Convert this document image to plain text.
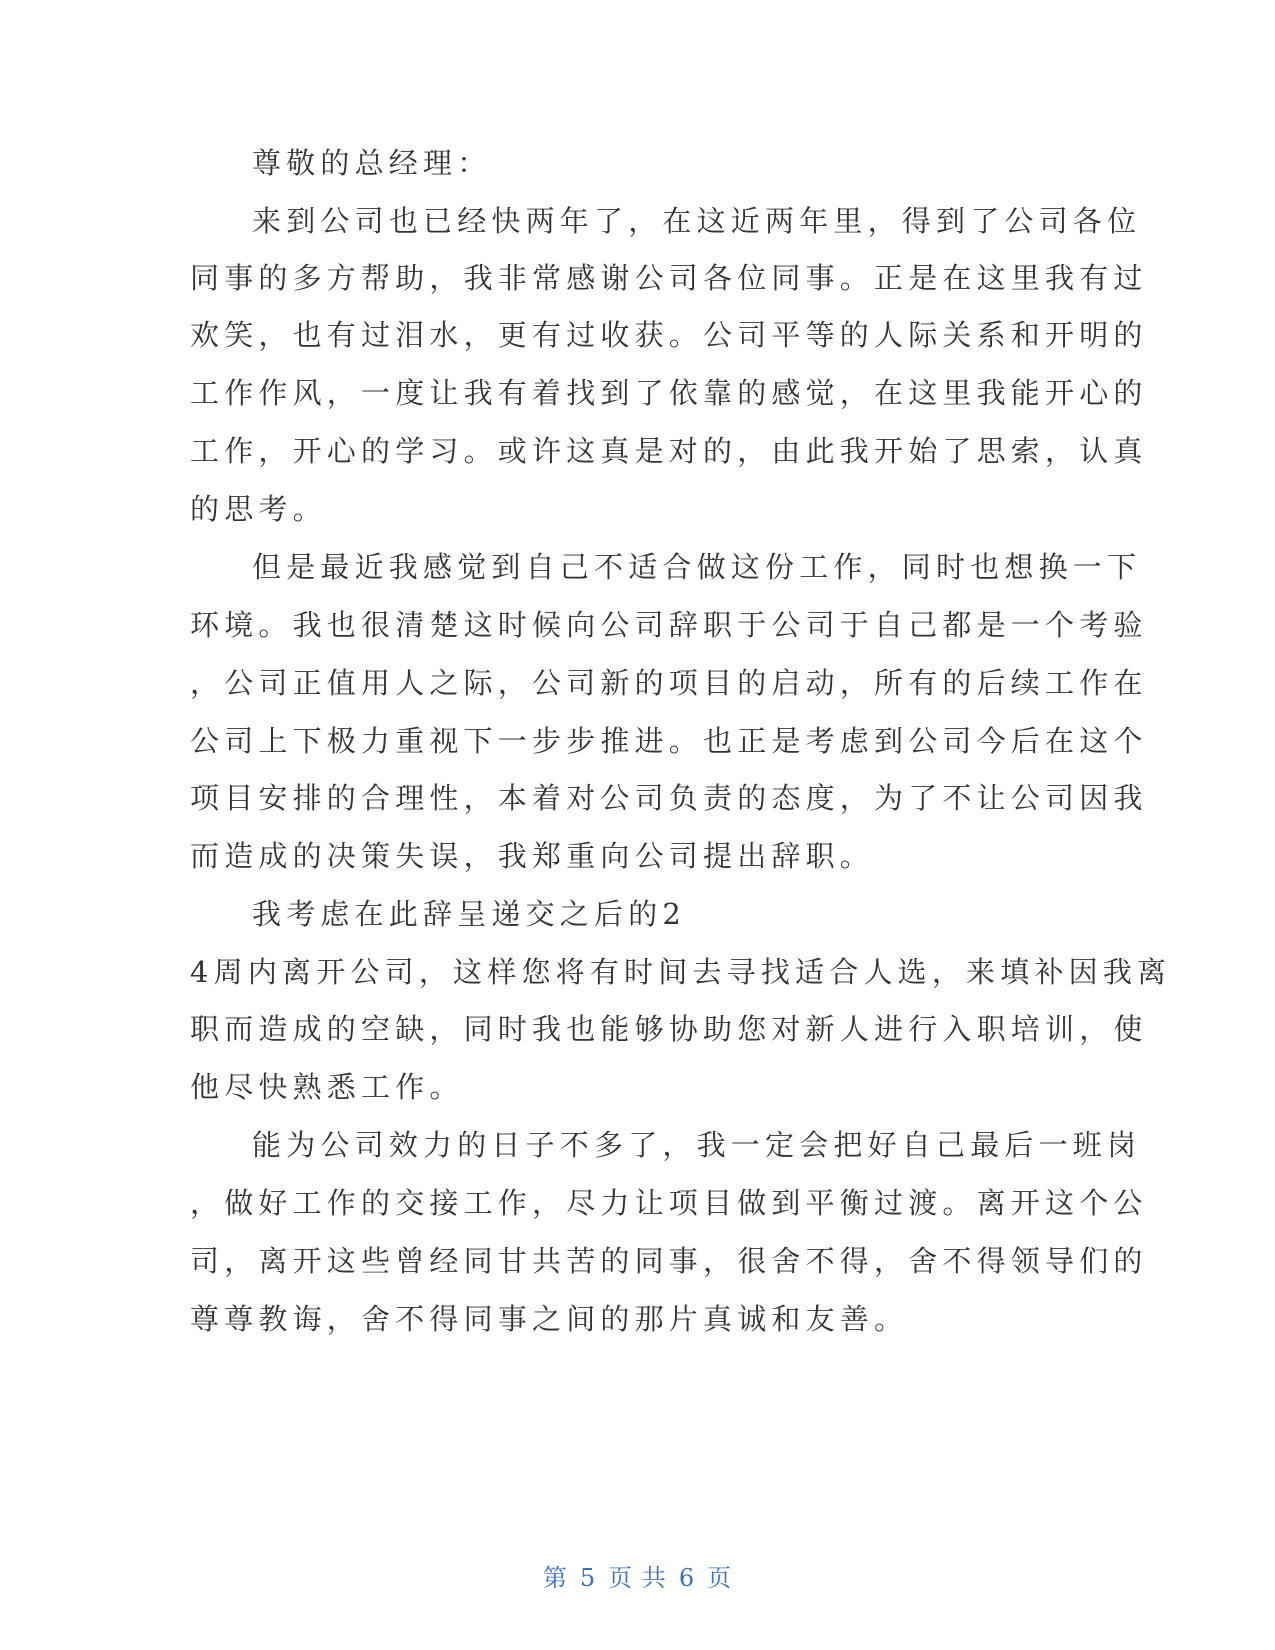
尊敬的总经理：
来到公司也已经快两年了，在这近两年里，得到了公司各位
同事的多方帮助，我非常感谢公司各位同事。正是在这里我有过
欢笑，也有过泪水，更有过收获。公司平等的人际关系和开明的
工作作风，一度让我有着找到了依靠的感觉，在这里我能开心的
工作，开心的学习。或许这真是对的，由此我开始了思索，认真
的思考。
但是最近我感觉到自己不适合做这份工作，同时也想换一下
环境。我也很清楚这时候向公司辞职于公司于自己都是一个考验
，公司正值用人之际，公司新的项目的启动，所有的后续工作在
公司上下极力重视下一步步推进。也正是考虑到公司今后在这个
项目安排的合理性，本着对公司负责的态度，为了不让公司因我
而造成的决策失误，我郑重向公司提出辞职。
我考虑在此辞呈递交之后的2
4周内离开公司，这样您将有时间去寻找适合人选，来填补因我离
职而造成的空缺，同时我也能够协助您对新人进行入职培训，使
他尽快熟悉工作。
能为公司效力的日子不多了，我一定会把好自己最后一班岗
，做好工作的交接工作，尽力让项目做到平衡过渡。离开这个公
司，离开这些曾经同甘共苦的同事，很舍不得，舍不得领导们的
尊尊教诲，舍不得同事之间的那片真诚和友善。
第 5 页 共 6 页
